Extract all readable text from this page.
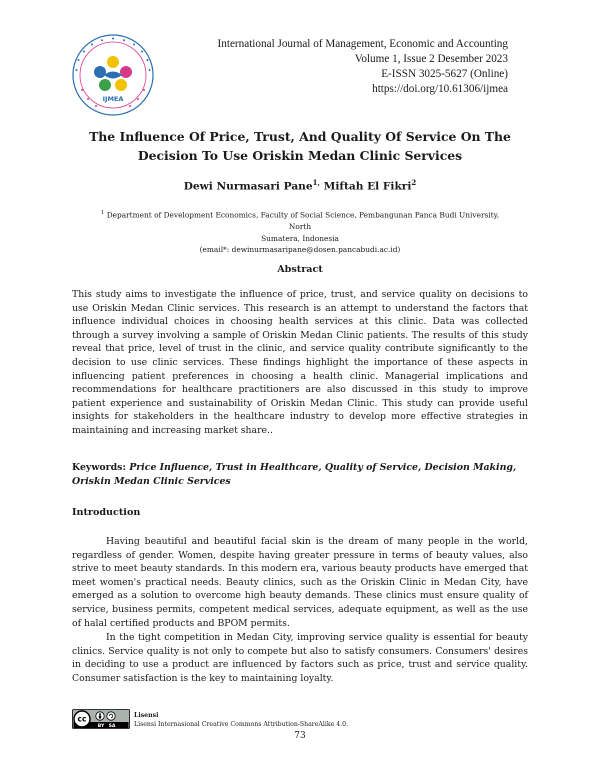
IJMEA
International Journal of Management, Economic and Accounting
Volume 1, Issue 2 Desember 2023
E-ISSN 3025-5627 (Online)
https://doi.org/10.61306/ijmea
The Influence Of Price, Trust, And Quality Of Service On The
Decision To Use Oriskin Medan Clinic Services
Dewi Nurmasari Pane$^{1,}$ Miftah El Fikri$^2$
$^1$ Department of Development Economics, Faculty of Social Science, Pembangunan Panca Budi University, North
Sumatera, Indonesia
(email*: dewinurmasaripane@dosen.pancabudi.ac.id)
Abstract
This study aims to investigate the influence of price, trust, and service quality on decisions to use Oriskin Medan Clinic services. This research is an attempt to understand the factors that influence individual choices in choosing health services at this clinic. Data was collected through a survey involving a sample of Oriskin Medan Clinic patients. The results of this study reveal that price, level of trust in the clinic, and service quality contribute significantly to the decision to use clinic services. These findings highlight the importance of these aspects in influencing patient preferences in choosing a health clinic. Managerial implications and recommendations for healthcare practitioners are also discussed in this study to improve patient experience and sustainability of Oriskin Medan Clinic. This study can provide useful insights for stakeholders in the healthcare industry to develop more effective strategies in maintaining and increasing market share..
Keywords: Price Influence, Trust in Healthcare, Quality of Service, Decision Making, Oriskin Medan Clinic Services
Introduction

Having beautiful and beautiful facial skin is the dream of many people in the world, regardless of gender. Women, despite having greater pressure in terms of beauty values, also strive to meet beauty standards. In this modern era, various beauty products have emerged that meet women's practical needs. Beauty clinics, such as the Oriskin Clinic in Medan City, have emerged as a solution to overcome high beauty demands. These clinics must ensure quality of service, business permits, competent medical services, adequate equipment, as well as the use of halal certified products and BPOM permits.

In the tight competition in Medan City, improving service quality is essential for beauty clinics. Service quality is not only to compete but also to satisfy consumers. Consumers' desires in deciding to use a product are influenced by factors such as price, trust and service quality. Consumer satisfaction is the key to maintaining loyalty.

cc
BY SA
Lisensi
Lisensi Internasional Creative Commons Attribution-ShareAlike 4.0.
73
